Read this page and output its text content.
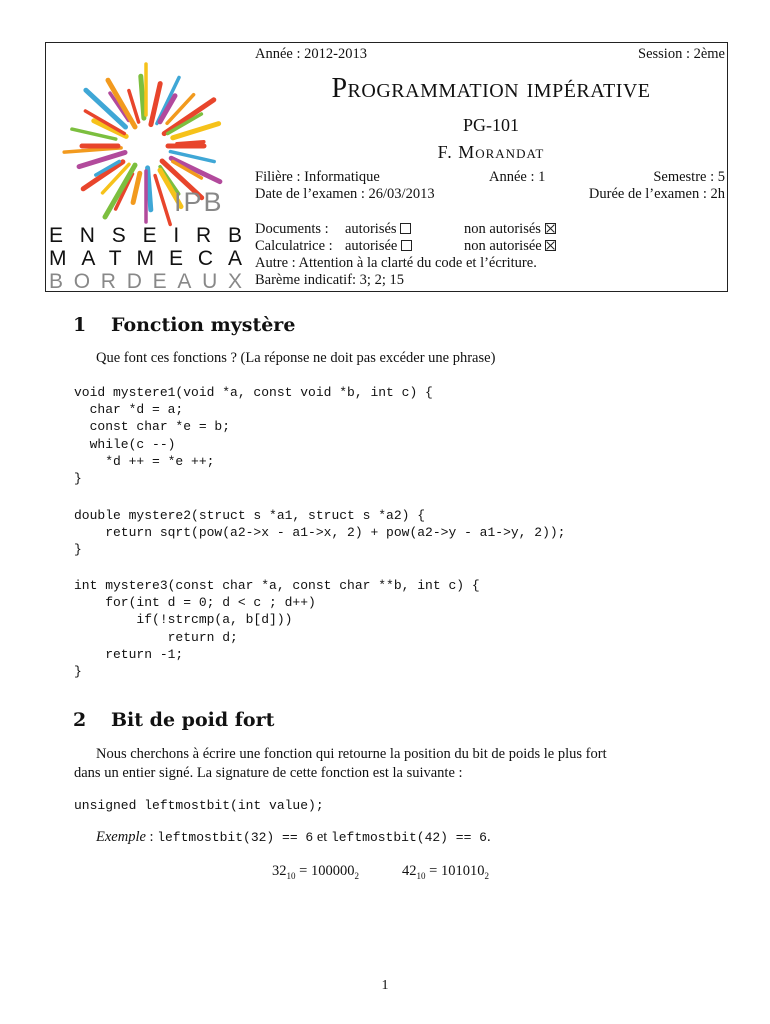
IPB
ENSEIRB
MATMECA
BORDEAUX
Année : 2012-2013	Session : 2ème
Programmation impérative
PG-101
F. Morandat
Filière : Informatique	Année : 1	Semestre : 5
Date de l’examen : 26/03/2013	Durée de l’examen : 2h
Documents : autorisés	non autorisés
Calculatrice : autorisée	non autorisée
Autre : Attention à la clarté du code et l’écriture.
Barème indicatif: 3; 2; 15
1 Fonction mystère
Que font ces fonctions ? (La réponse ne doit pas excéder une phrase)
void mystere1(void *a, const void *b, int c) {
char *d = a;
const char *e = b;
while(c --)
*d ++ = *e ++;
}
double mystere2(struct s *a1, struct s *a2) {
return sqrt(pow(a2->x - a1->x, 2) + pow(a2->y - a1->y, 2));
}
int mystere3(const char *a, const char **b, int c) {
for(int d = 0; d < c ; d++)
if(!strcmp(a, b[d]))
return d;
return -1;
}
2 Bit de poid fort
Nous cherchons à écrire une fonction qui retourne la position du bit de poids le plus fort
dans un entier signé. La signature de cette fonction est la suivante :
unsigned leftmostbit(int value);
Exemple : leftmostbit(32) == 6 et leftmostbit(42) == 6.
$32_{10} = 100000_2$	$42_{10} = 101010_2$
1
